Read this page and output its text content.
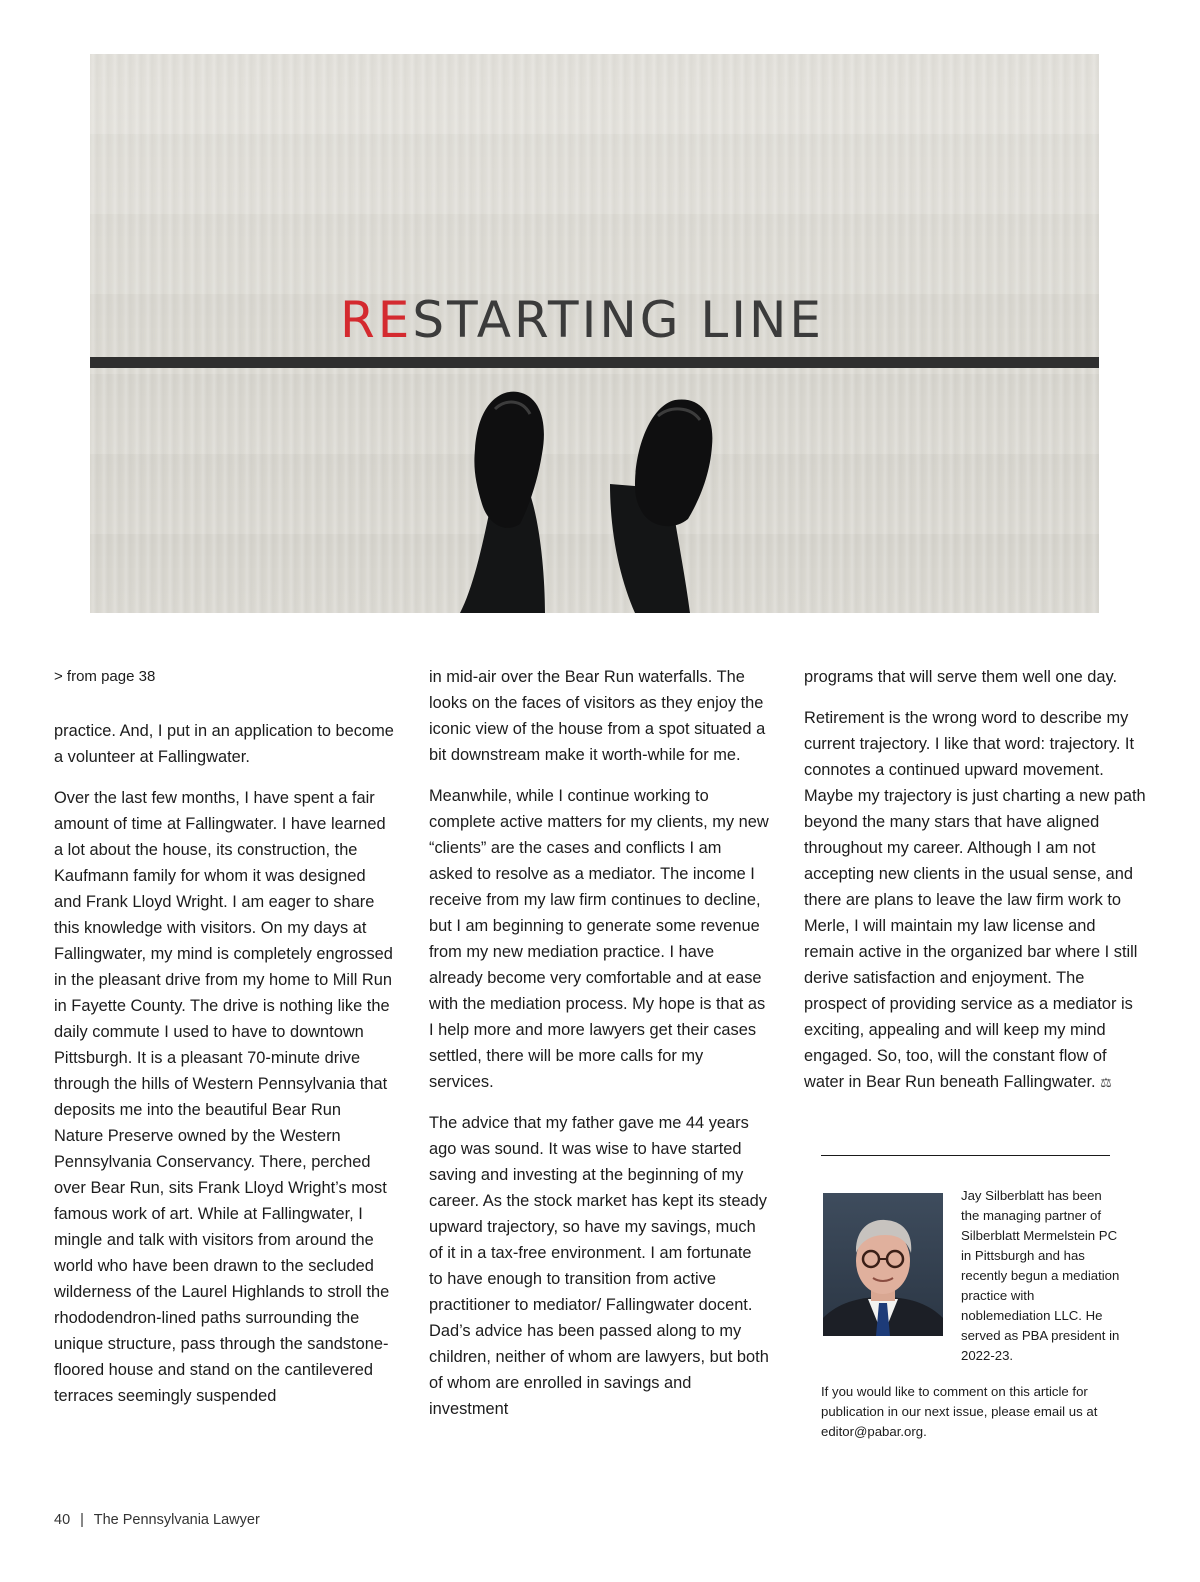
RESTARTING LINE

> from page 38

practice. And, I put in an application to become a volunteer at Fallingwater.

Over the last few months, I have spent a fair amount of time at Fallingwater. I have learned a lot about the house, its construction, the Kaufmann family for whom it was designed and Frank Lloyd Wright. I am eager to share this knowledge with visitors. On my days at Fallingwater, my mind is completely engrossed in the pleasant drive from my home to Mill Run in Fayette County. The drive is nothing like the daily commute I used to have to downtown Pittsburgh. It is a pleasant 70-minute drive through the hills of Western Pennsylvania that deposits me into the beautiful Bear Run Nature Preserve owned by the Western Pennsylvania Conservancy. There, perched over Bear Run, sits Frank Lloyd Wright’s most famous work of art. While at Fallingwater, I mingle and talk with visitors from around the world who have been drawn to the secluded wilderness of the Laurel Highlands to stroll the rhododendron-lined paths surrounding the unique structure, pass through the sandstone-floored house and stand on the cantilevered terraces seemingly suspended

in mid-air over the Bear Run waterfalls. The looks on the faces of visitors as they enjoy the iconic view of the house from a spot situated a bit downstream make it worth-while for me.

Meanwhile, while I continue working to complete active matters for my clients, my new “clients” are the cases and conflicts I am asked to resolve as a mediator. The income I receive from my law firm continues to decline, but I am beginning to generate some revenue from my new mediation practice. I have already become very comfortable and at ease with the mediation process. My hope is that as I help more and more lawyers get their cases settled, there will be more calls for my services.

The advice that my father gave me 44 years ago was sound. It was wise to have started saving and investing at the beginning of my career. As the stock market has kept its steady upward trajectory, so have my savings, much of it in a tax-free environment. I am fortunate to have enough to transition from active practitioner to mediator/ Fallingwater docent. Dad’s advice has been passed along to my children, neither of whom are lawyers, but both of whom are enrolled in savings and investment

programs that will serve them well one day.

Retirement is the wrong word to describe my current trajectory. I like that word: trajectory. It connotes a continued upward movement. Maybe my trajectory is just charting a new path beyond the many stars that have aligned throughout my career. Although I am not accepting new clients in the usual sense, and there are plans to leave the law firm work to Merle, I will maintain my law license and remain active in the organized bar where I still derive satisfaction and enjoyment. The prospect of providing service as a mediator is exciting, appealing and will keep my mind engaged. So, too, will the constant flow of water in Bear Run beneath Fallingwater. ⚖

Jay Silberblatt has been the managing partner of Silberblatt Mermelstein PC in Pittsburgh and has recently begun a mediation practice with noblemediation LLC. He served as PBA president in 2022-23.
If you would like to comment on this article for publication in our next issue, please email us at editor@pabar.org.
40 | The Pennsylvania Lawyer
